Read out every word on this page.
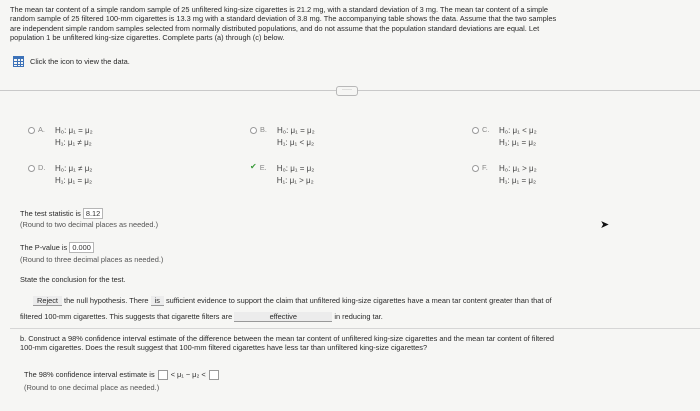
The mean tar content of a simple random sample of 25 unfiltered king-size cigarettes is 21.2 mg, with a standard deviation of 3 mg. The mean tar content of a simple

random sample of 25 filtered 100-mm cigarettes is 13.3 mg with a standard deviation of 3.8 mg. The accompanying table shows the data. Assume that the two samples

are independent simple random samples selected from normally distributed populations, and do not assume that the population standard deviations are equal. Let

population 1 be unfiltered king-size cigarettes. Complete parts (a) through (c) below.

Click the icon to view the data.
·····
A.	H₀: μ₁ = μ₂
H₁: μ₁ ≠ μ₂
B.	H₀: μ₁ = μ₂
H₁: μ₁ < μ₂
C.	H₀: μ₁ < μ₂
H₁: μ₁ = μ₂
D.	H₀: μ₁ ≠ μ₂
H₁: μ₁ = μ₂
✔ E.	H₀: μ₁ = μ₂
H₁: μ₁ > μ₂
F.	H₀: μ₁ > μ₂
H₁: μ₁ = μ₂
The test statistic is 8.12
(Round to two decimal places as needed.)
The P-value is 0.000
(Round to three decimal places as needed.)
State the conclusion for the test.
Reject the null hypothesis. There is sufficient evidence to support the claim that unfiltered king-size cigarettes have a mean tar content greater than that of
filtered 100-mm cigarettes. This suggests that cigarette filters are	effective	in reducing tar.
b. Construct a 98% confidence interval estimate of the difference between the mean tar content of unfiltered king-size cigarettes and the mean tar content of filtered
100-mm cigarettes. Does the result suggest that 100-mm filtered cigarettes have less tar than unfiltered king-size cigarettes?
The 98% confidence interval estimate is < μ₁ − μ₂ <
(Round to one decimal place as needed.)
➤
